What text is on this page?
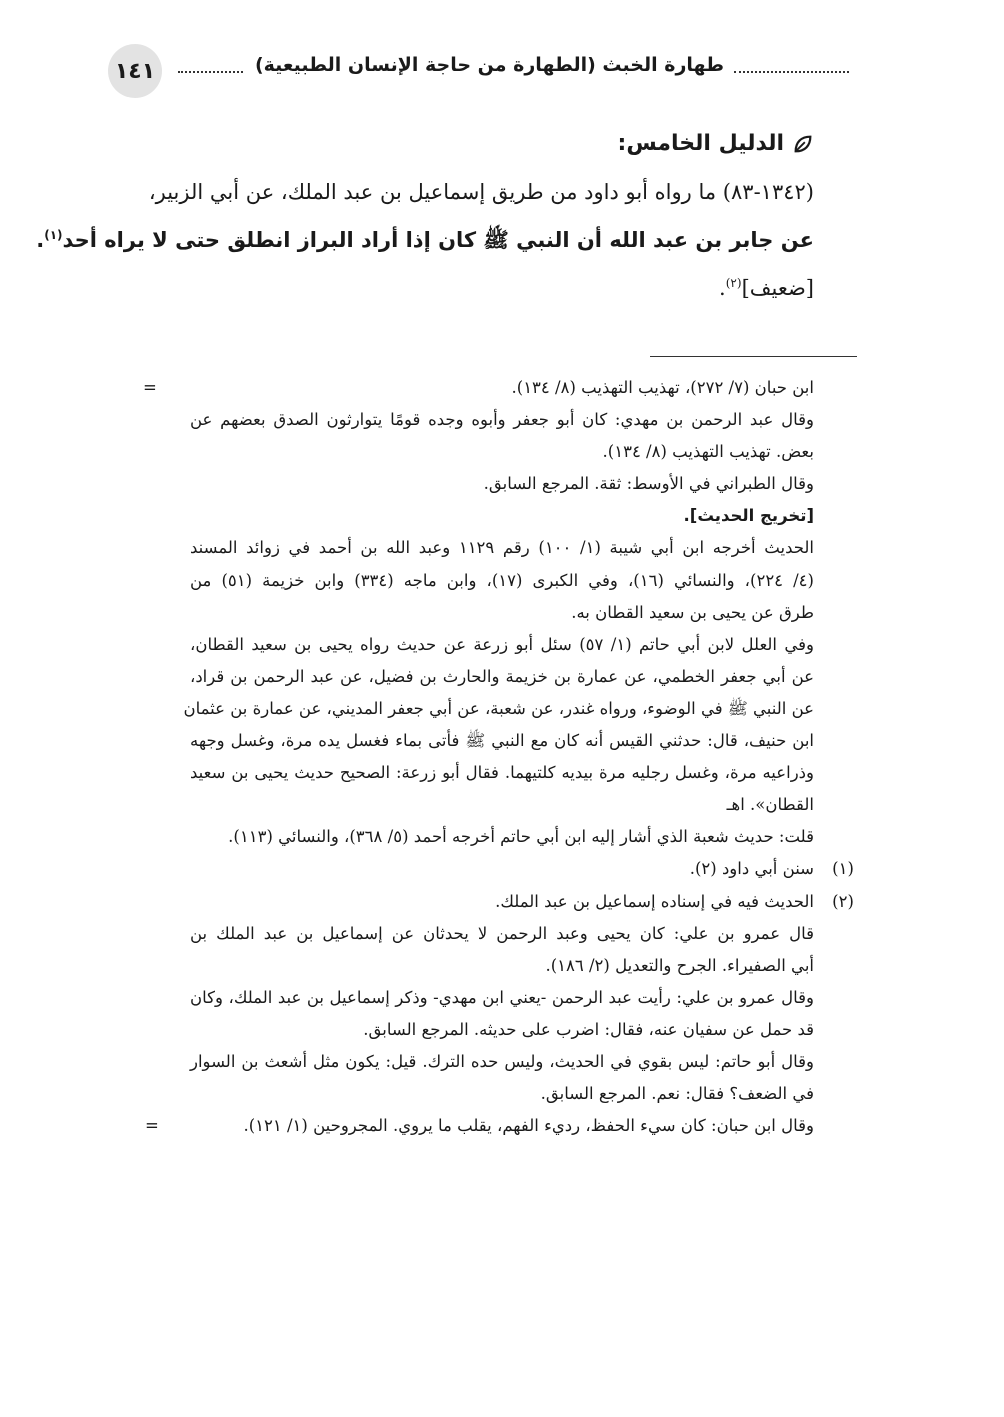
طهارة الخبث (الطهارة من حاجة الإنسان الطبيعية)
١٤١
الدليل الخامس:
(١٣٤٢-٨٣) ما رواه أبو داود من طريق إسماعيل بن عبد الملك، عن أبي الزبير،
عن جابر بن عبد الله أن النبي ﷺ كان إذا أراد البراز انطلق حتى لا يراه أحد$^{(١)}$.
[ضعيف]$^{(٢)}$.
=	ابن حبان (٧/ ٢٧٢)، تهذيب التهذيب (٨/ ١٣٤).
وقال عبد الرحمن بن مهدي: كان أبو جعفر وأبوه وجده قومًا يتوارثون الصدق بعضهم عن
بعض. تهذيب التهذيب (٨/ ١٣٤).
وقال الطبراني في الأوسط: ثقة. المرجع السابق.
[تخريج الحديث].
الحديث أخرجه ابن أبي شيبة (١/ ١٠٠) رقم ١١٢٩ وعبد الله بن أحمد في زوائد المسند
(٤/ ٢٢٤)، والنسائي (١٦)، وفي الكبرى (١٧)، وابن ماجه (٣٣٤) وابن خزيمة (٥١) من
طرق عن يحيى بن سعيد القطان به.
وفي العلل لابن أبي حاتم (١/ ٥٧) سئل أبو زرعة عن حديث رواه يحيى بن سعيد القطان،
عن أبي جعفر الخطمي، عن عمارة بن خزيمة والحارث بن فضيل، عن عبد الرحمن بن قراد،
عن النبي ﷺ في الوضوء، ورواه غندر، عن شعبة، عن أبي جعفر المديني، عن عمارة بن عثمان
ابن حنيف، قال: حدثني القيس أنه كان مع النبي ﷺ فأتى بماء فغسل يده مرة، وغسل وجهه
وذراعيه مرة، وغسل رجليه مرة بيديه كلتيهما. فقال أبو زرعة: الصحيح حديث يحيى بن سعيد
القطان». اهـ
قلت: حديث شعبة الذي أشار إليه ابن أبي حاتم أخرجه أحمد (٥/ ٣٦٨)، والنسائي (١١٣).
(١)
سنن أبي داود (٢).
(٢)
الحديث فيه في إسناده إسماعيل بن عبد الملك.
قال عمرو بن علي: كان يحيى وعبد الرحمن لا يحدثان عن إسماعيل بن عبد الملك بن
أبي الصفيراء. الجرح والتعديل (٢/ ١٨٦).
وقال عمرو بن علي: رأيت عبد الرحمن -يعني ابن مهدي- وذكر إسماعيل بن عبد الملك، وكان
قد حمل عن سفيان عنه، فقال: اضرب على حديثه. المرجع السابق.
وقال أبو حاتم: ليس بقوي في الحديث، وليس حده الترك. قيل: يكون مثل أشعث بن السوار
في الضعف؟ فقال: نعم. المرجع السابق.
وقال ابن حبان: كان سيء الحفظ، رديء الفهم، يقلب ما يروي. المجروحين (١/ ١٢١).
=
